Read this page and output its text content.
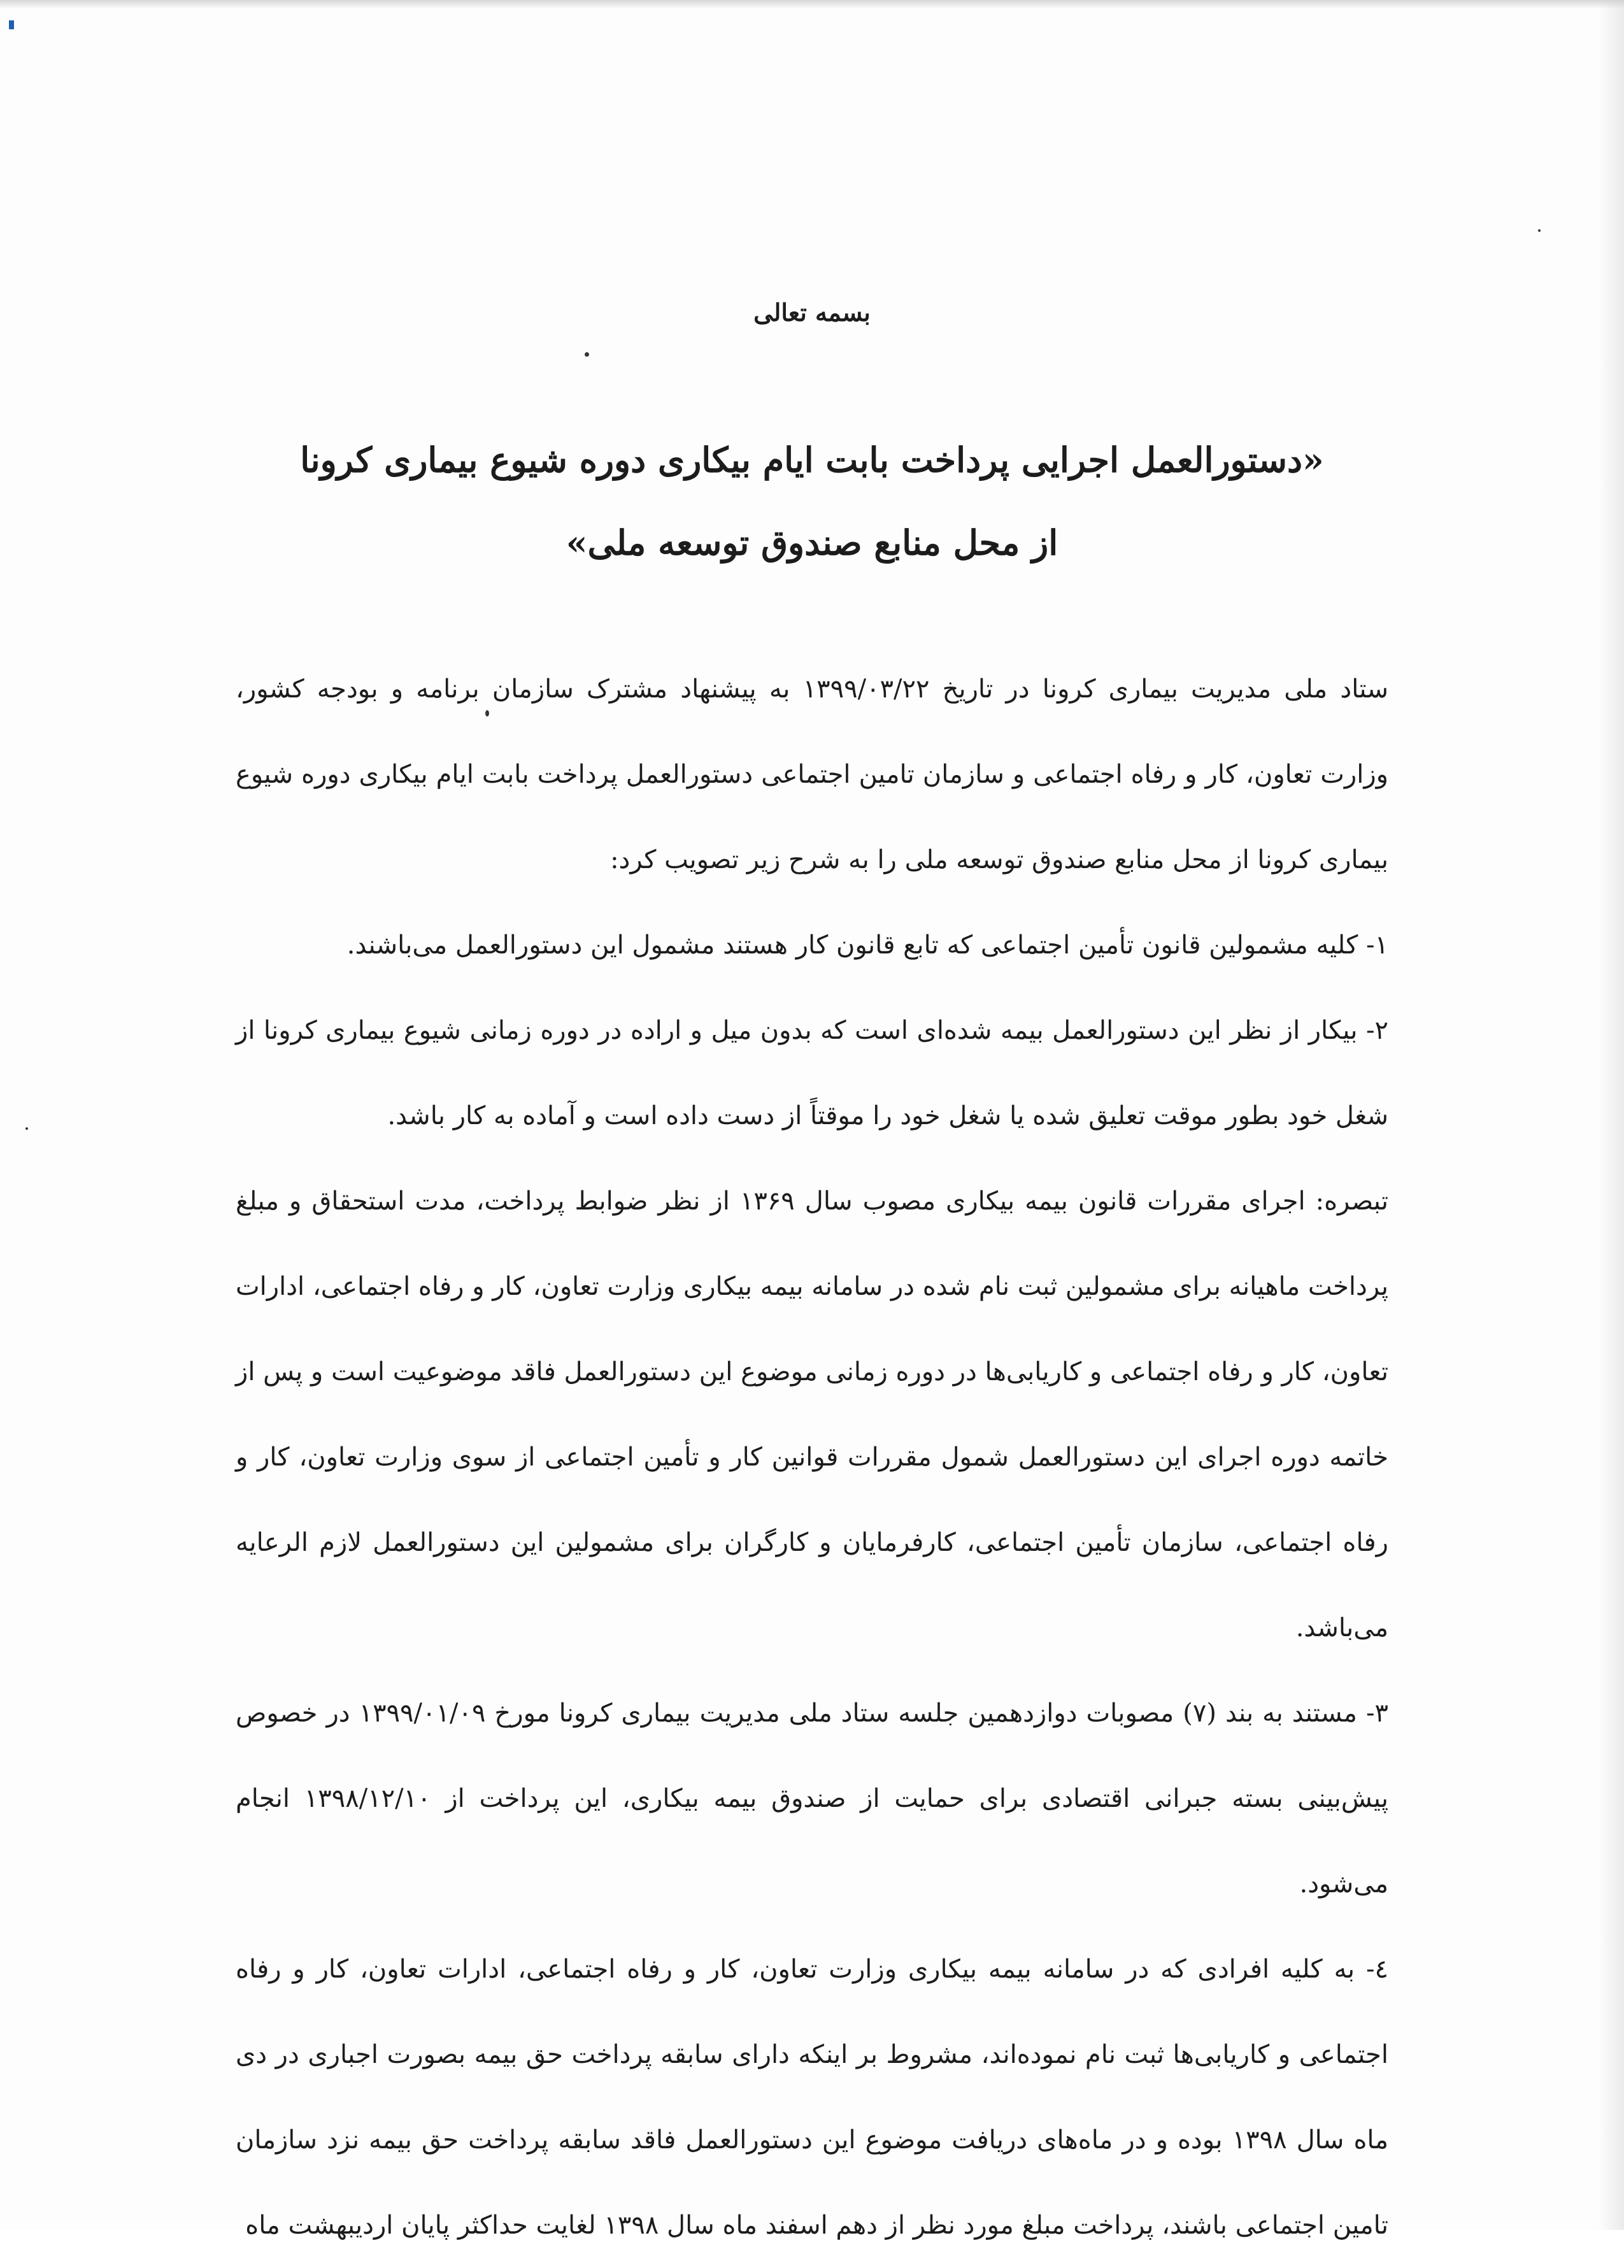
بسمه تعالی
«دستورالعمل اجرایی پرداخت بابت ایام بیکاری دوره شیوع بیماری کرونا
از محل منابع صندوق توسعه ملی»

ستاد ملی مدیریت بیماری کرونا در تاریخ ۱۳۹۹/۰۳/۲۲ به پیشنهاد مشترک سازمان برنامه و بودجه کشور، وزارت تعاون، کار و رفاه اجتماعی و سازمان تامین اجتماعی دستورالعمل پرداخت بابت ایام بیکاری دوره شیوع بیماری کرونا از محل منابع صندوق توسعه ملی را به شرح زیر تصویب کرد:

۱- کلیه مشمولین قانون تأمین اجتماعی که تابع قانون کار هستند مشمول این دستورالعمل می‌باشند.

۲- بیکار از نظر این دستورالعمل بیمه شده‌ای است که بدون میل و اراده در دوره زمانی شیوع بیماری کرونا از شغل خود بطور موقت تعلیق شده یا شغل خود را موقتاً از دست داده است و آماده به کار باشد.

تبصره: اجرای مقررات قانون بیمه بیکاری مصوب سال ۱۳۶۹ از نظر ضوابط پرداخت، مدت استحقاق و مبلغ پرداخت ماهیانه برای مشمولین ثبت نام شده در سامانه بیمه بیکاری وزارت تعاون، کار و رفاه اجتماعی، ادارات تعاون، کار و رفاه اجتماعی و کاریابی‌ها در دوره زمانی موضوع این دستورالعمل فاقد موضوعیت است و پس از خاتمه دوره اجرای این دستورالعمل شمول مقررات قوانین کار و تأمین اجتماعی از سوی وزارت تعاون، کار و رفاه اجتماعی، سازمان تأمین اجتماعی، کارفرمایان و کارگران برای مشمولین این دستورالعمل لازم الرعایه می‌باشد.

۳- مستند به بند (۷) مصوبات دوازدهمین جلسه ستاد ملی مدیریت بیماری کرونا مورخ ۱۳۹۹/۰۱/۰۹ در خصوص پیش‌بینی بسته جبرانی اقتصادی برای حمایت از صندوق بیمه بیکاری، این پرداخت از ۱۳۹۸/۱۲/۱۰ انجام می‌شود.

٤- به کلیه افرادی که در سامانه بیمه بیکاری وزارت تعاون، کار و رفاه اجتماعی، ادارات تعاون، کار و رفاه اجتماعی و کاریابی‌ها ثبت نام نموده‌اند، مشروط بر اینکه دارای سابقه پرداخت حق بیمه بصورت اجباری در دی ماه سال ۱۳۹۸ بوده و در ماه‌های دریافت موضوع این دستورالعمل فاقد سابقه پرداخت حق بیمه نزد سازمان تامین اجتماعی باشند، پرداخت مبلغ مورد نظر از دهم اسفند ماه سال ۱۳۹۸ لغایت حداکثر پایان اردیبهشت ماه
